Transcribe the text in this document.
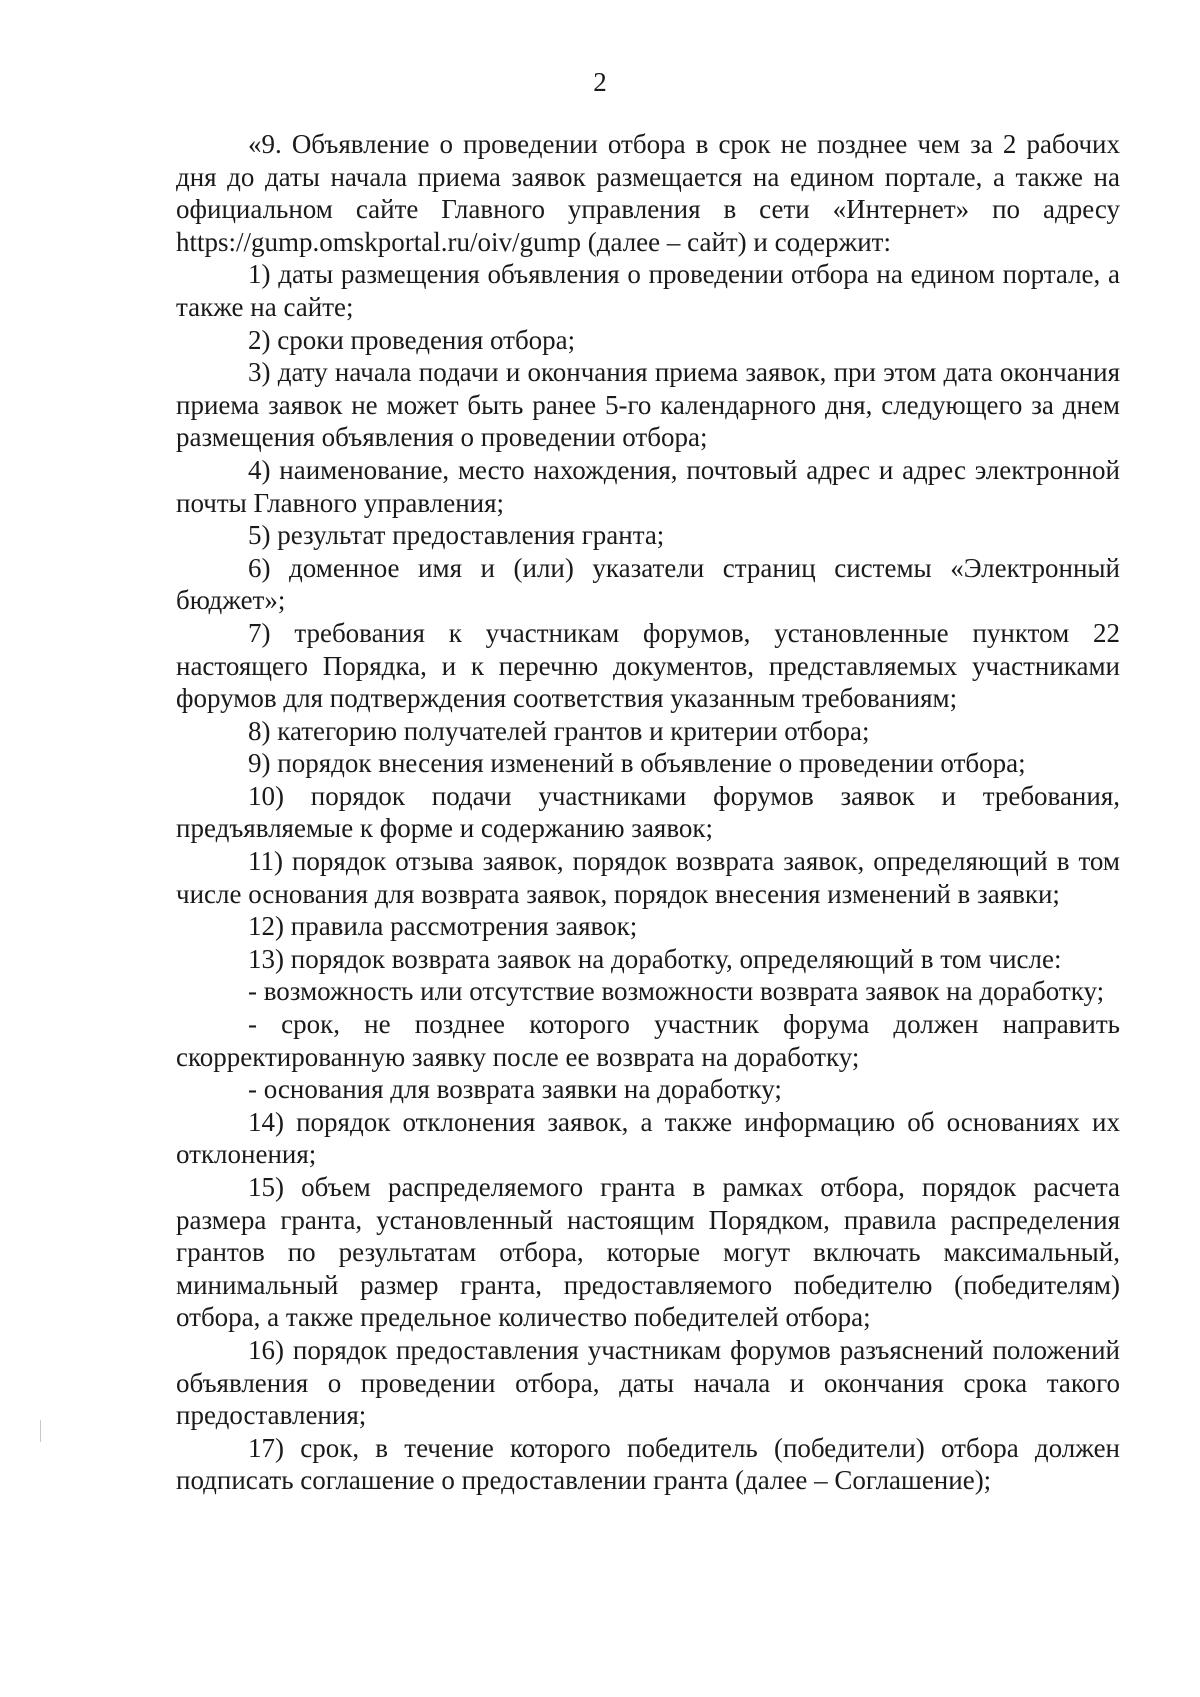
2

«9. Объявление о проведении отбора в срок не позднее чем за 2 рабочих дня до даты начала приема заявок размещается на едином портале, а также на официальном сайте Главного управления в сети «Интернет» по адресу https://gump.omskportal.ru/oiv/gump (далее – сайт) и содержит:

1) даты размещения объявления о проведении отбора на едином портале, а также на сайте;

2) сроки проведения отбора;

3) дату начала подачи и окончания приема заявок, при этом дата окончания приема заявок не может быть ранее 5-го календарного дня, следующего за днем размещения объявления о проведении отбора;

4) наименование, место нахождения, почтовый адрес и адрес электронной почты Главного управления;

5) результат предоставления гранта;

6) доменное имя и (или) указатели страниц системы «Электронный бюджет»;

7) требования к участникам форумов, установленные пунктом 22 настоящего Порядка, и к перечню документов, представляемых участниками форумов для подтверждения соответствия указанным требованиям;

8) категорию получателей грантов и критерии отбора;

9) порядок внесения изменений в объявление о проведении отбора;

10) порядок подачи участниками форумов заявок и требования, предъявляемые к форме и содержанию заявок;

11) порядок отзыва заявок, порядок возврата заявок, определяющий в том числе основания для возврата заявок, порядок внесения изменений в заявки;

12) правила рассмотрения заявок;

13) порядок возврата заявок на доработку, определяющий в том числе:

- возможность или отсутствие возможности возврата заявок на доработку;

- срок, не позднее которого участник форума должен направить скорректированную заявку после ее возврата на доработку;

- основания для возврата заявки на доработку;

14) порядок отклонения заявок, а также информацию об основаниях их отклонения;

15) объем распределяемого гранта в рамках отбора, порядок расчета размера гранта, установленный настоящим Порядком, правила распределения грантов по результатам отбора, которые могут включать максимальный, минимальный размер гранта, предоставляемого победителю (победителям) отбора, а также предельное количество победителей отбора;

16) порядок предоставления участникам форумов разъяснений положений объявления о проведении отбора, даты начала и окончания срока такого предоставления;

17) срок, в течение которого победитель (победители) отбора должен подписать соглашение о предоставлении гранта (далее – Соглашение);
